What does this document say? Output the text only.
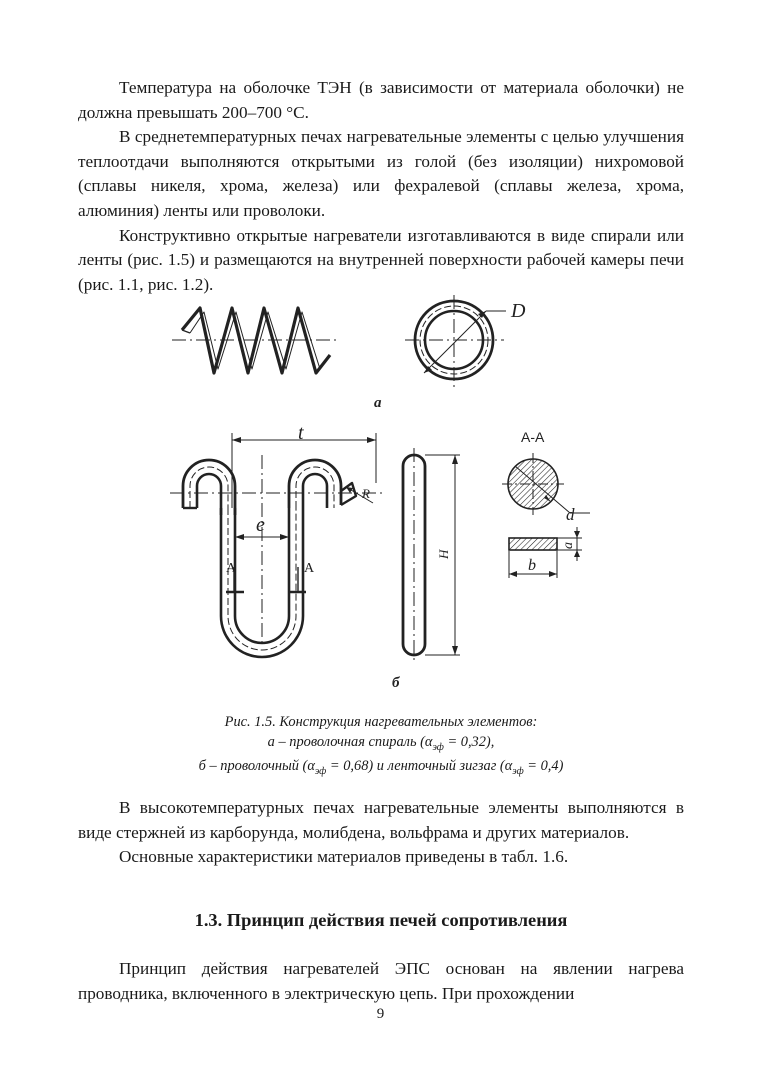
Температура на оболочке ТЭН (в зависимости от материала оболочки) не должна превышать 200–700 °С.

В среднетемпературных печах нагревательные элементы с целью улучшения теплоотдачи выполняются открытыми из голой (без изоляции) нихромовой (сплавы никеля, хрома, железа) или фехралевой (сплавы железа, хрома, алюминия) ленты или проволоки.

Конструктивно открытые нагреватели изготавливаются в виде спирали или ленты (рис. 1.5) и размещаются на внутренней поверхности рабочей камеры печи (рис. 1.1, рис. 1.2).

D
а
t
e
R
А	А
H
б
А-А
d
b
a
Рис. 1.5. Конструкция нагревательных элементов:
а – проволочная спираль $(\alpha_{эф} = 0,32)$,
б – проволочный $(\alpha_{эф} = 0,68)$ и ленточный зигзаг $(\alpha_{эф} = 0,4)$

В высокотемпературных печах нагревательные элементы выполняются в виде стержней из карборунда, молибдена, вольфрама и других материалов.

Основные характеристики материалов приведены в табл. 1.6.

1.3. Принцип действия печей сопротивления

Принцип действия нагревателей ЭПС основан на явлении нагрева проводника, включенного в электрическую цепь. При прохождении

9
